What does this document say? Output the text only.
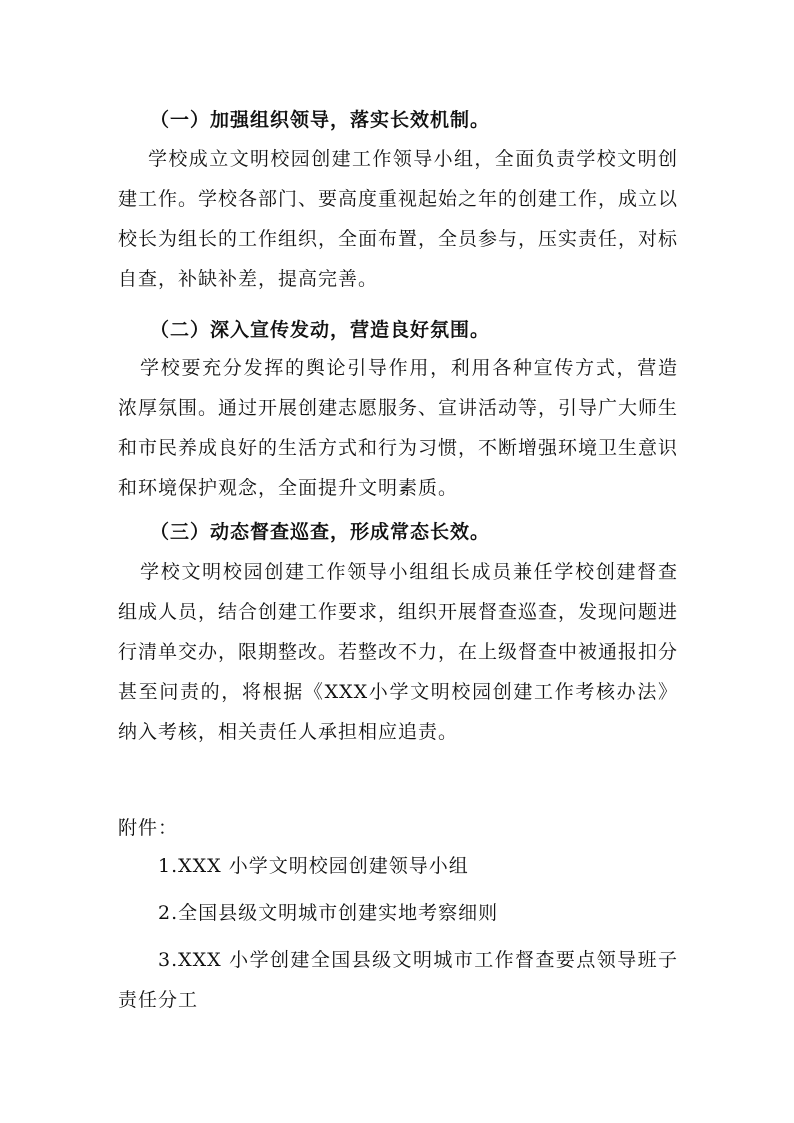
（一）加强组织领导，落实长效机制。

学校成立文明校园创建工作领导小组，全面负责学校文明创建工作。学校各部门、要高度重视起始之年的创建工作，成立以校长为组长的工作组织，全面布置，全员参与，压实责任，对标自查，补缺补差，提高完善。

（二）深入宣传发动，营造良好氛围。

学校要充分发挥的舆论引导作用，利用各种宣传方式，营造浓厚氛围。通过开展创建志愿服务、宣讲活动等，引导广大师生和市民养成良好的生活方式和行为习惯，不断增强环境卫生意识和环境保护观念，全面提升文明素质。

（三）动态督查巡查，形成常态长效。

学校文明校园创建工作领导小组组长成员兼任学校创建督查组成人员，结合创建工作要求，组织开展督查巡查，发现问题进行清单交办，限期整改。若整改不力，在上级督查中被通报扣分甚至问责的，将根据《XXX小学文明校园创建工作考核办法》纳入考核，相关责任人承担相应追责。

附件：
1.XXX 小学文明校园创建领导小组
2.全国县级文明城市创建实地考察细则
3.XXX 小学创建全国县级文明城市工作督查要点领导班子责任分工
